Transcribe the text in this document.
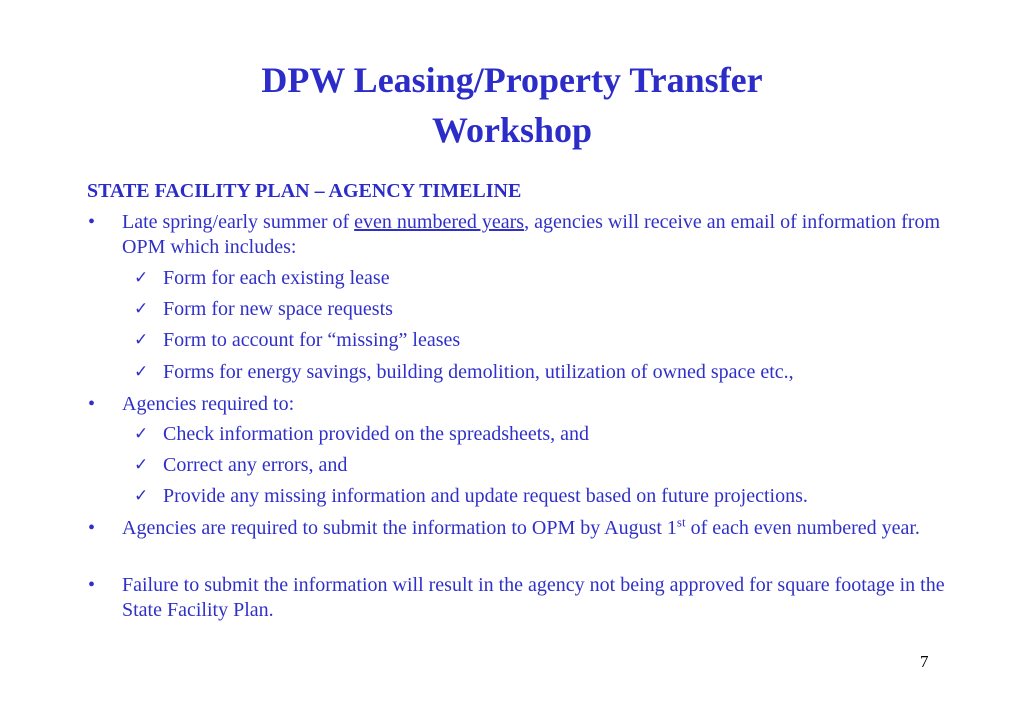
DPW Leasing/Property Transfer
Workshop

STATE FACILITY PLAN – AGENCY TIMELINE

•	Late spring/early summer of even numbered years, agencies will receive an email of information from OPM which includes:

✓ Form for each existing lease

✓ Form for new space requests

✓ Form to account for “missing” leases

✓ Forms for energy savings, building demolition, utilization of owned space etc.,

•	Agencies required to:

✓ Check information provided on the spreadsheets, and

✓ Correct any errors, and

✓ Provide any missing information and update request based on future projections.

•	Agencies are required to submit the information to OPM by August 1st of each even numbered year.

•	Failure to submit the information will result in the agency not being approved for square footage in the State Facility Plan.

7
